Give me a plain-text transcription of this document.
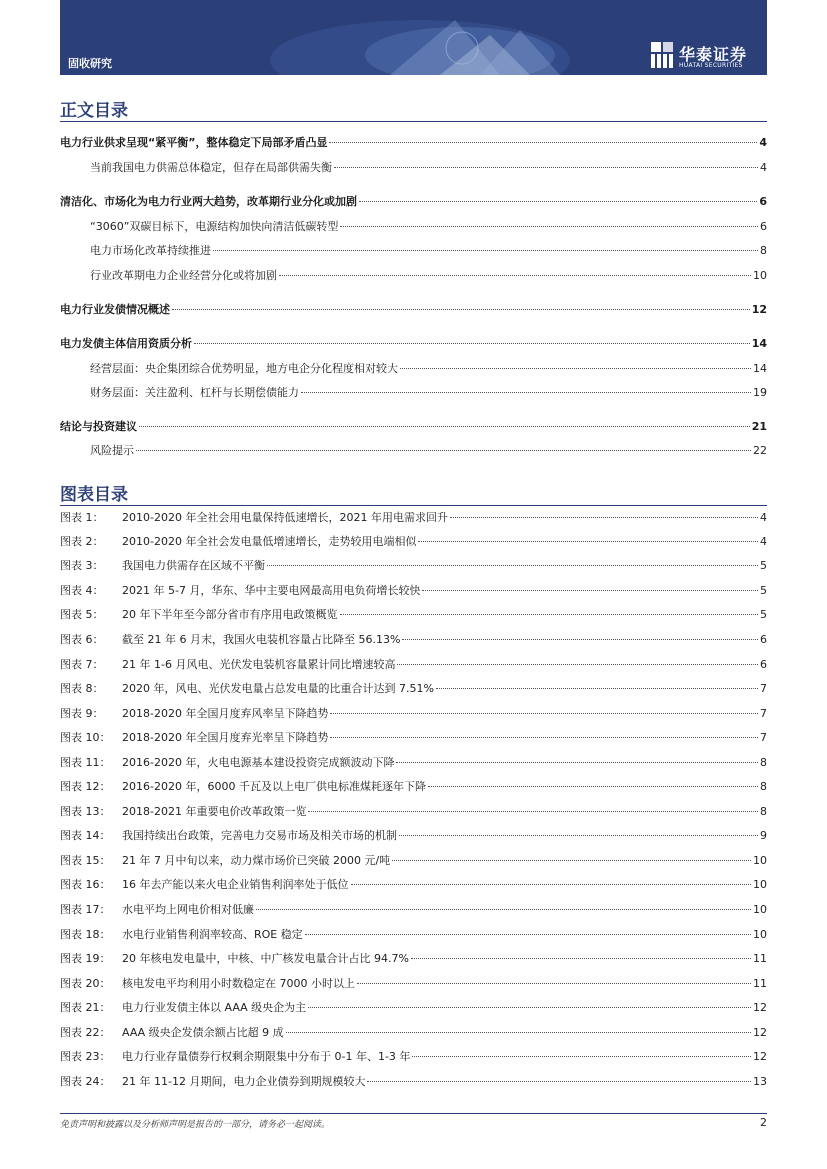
固收研究	华泰证券
HUATAI SECURITIES
正文目录
电力行业供求呈现“紧平衡”，整体稳定下局部矛盾凸显	4
当前我国电力供需总体稳定，但存在局部供需失衡	4
清洁化、市场化为电力行业两大趋势，改革期行业分化或加剧	6
“3060”双碳目标下，电源结构加快向清洁低碳转型	6
电力市场化改革持续推进	8
行业改革期电力企业经营分化或将加剧	10
电力行业发债情况概述	12
电力发债主体信用资质分析	14
经营层面：央企集团综合优势明显，地方电企分化程度相对较大	14
财务层面：关注盈利、杠杆与长期偿债能力	19
结论与投资建议	21
风险提示	22
图表目录
图表 1：	2010-2020 年全社会用电量保持低速增长，2021 年用电需求回升	4
图表 2：	2010-2020 年全社会发电量低增速增长，走势较用电端相似	4
图表 3：	我国电力供需存在区域不平衡	5
图表 4：	2021 年 5-7 月，华东、华中主要电网最高用电负荷增长较快	5
图表 5：	20 年下半年至今部分省市有序用电政策概览	5
图表 6：	截至 21 年 6 月末，我国火电装机容量占比降至 56.13%	6
图表 7：	21 年 1-6 月风电、光伏发电装机容量累计同比增速较高	6
图表 8：	2020 年，风电、光伏发电量占总发电量的比重合计达到 7.51%	7
图表 9：	2018-2020 年全国月度弃风率呈下降趋势	7
图表 10：	2018-2020 年全国月度弃光率呈下降趋势	7
图表 11：	2016-2020 年，火电电源基本建设投资完成额波动下降	8
图表 12：	2016-2020 年，6000 千瓦及以上电厂供电标准煤耗逐年下降	8
图表 13：	2018-2021 年重要电价改革政策一览	8
图表 14：	我国持续出台政策，完善电力交易市场及相关市场的机制	9
图表 15：	21 年 7 月中旬以来，动力煤市场价已突破 2000 元/吨	10
图表 16：	16 年去产能以来火电企业销售利润率处于低位	10
图表 17：	水电平均上网电价相对低廉	10
图表 18：	水电行业销售利润率较高、ROE 稳定	10
图表 19：	20 年核电发电量中，中核、中广核发电量合计占比 94.7%	11
图表 20：	核电发电平均利用小时数稳定在 7000 小时以上	11
图表 21：	电力行业发债主体以 AAA 级央企为主	12
图表 22：	AAA 级央企发债余额占比超 9 成	12
图表 23：	电力行业存量债券行权剩余期限集中分布于 0-1 年、1-3 年	12
图表 24：	21 年 11-12 月期间，电力企业债券到期规模较大	13
免责声明和披露以及分析师声明是报告的一部分，请务必一起阅读。	2
